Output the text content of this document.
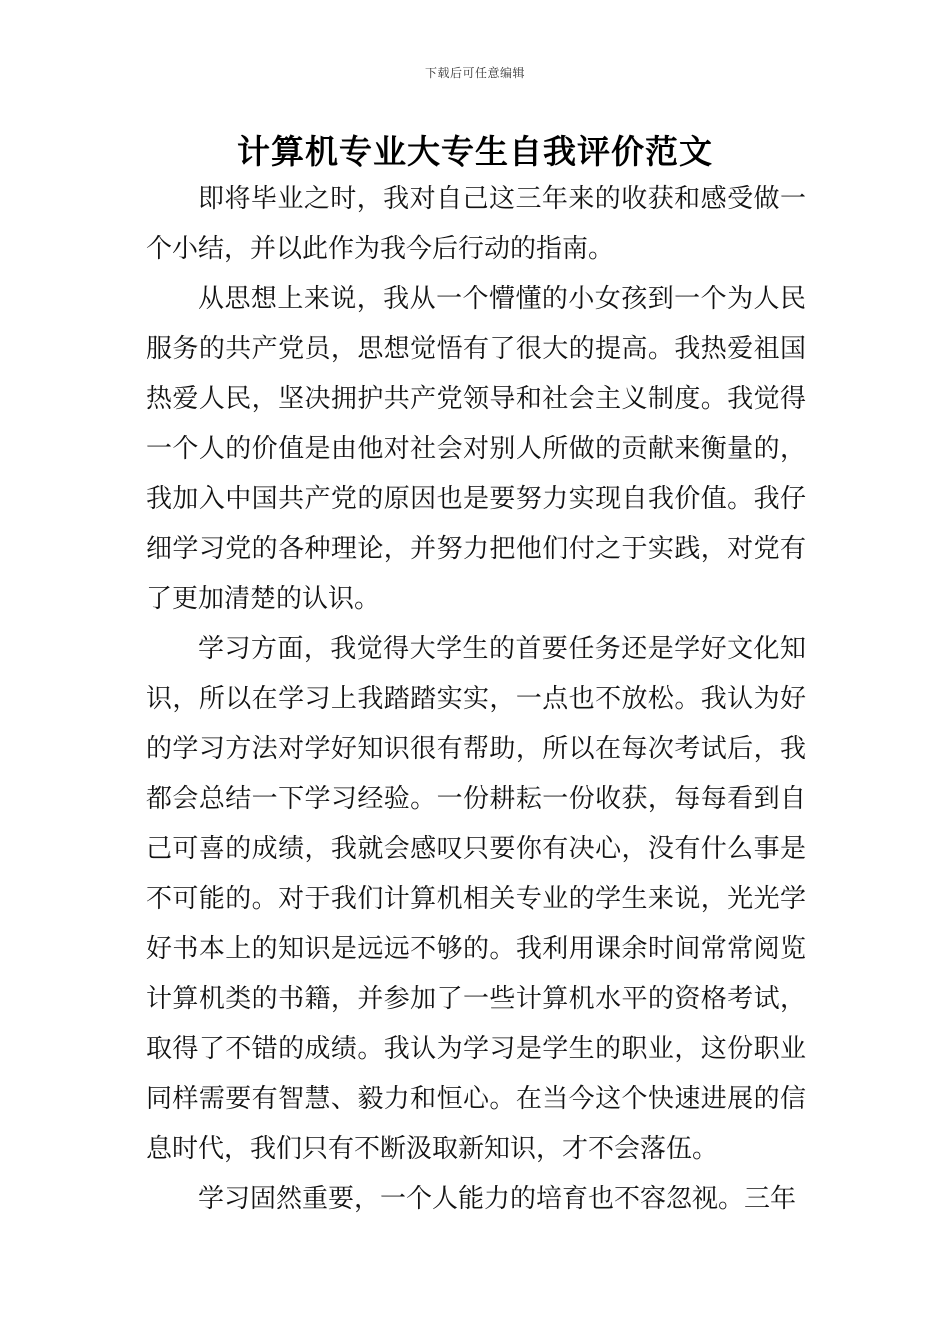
下载后可任意编辑
计算机专业大专生自我评价范文

即将毕业之时，我对自己这三年来的收获和感受做一个小结，并以此作为我今后行动的指南。

从思想上来说，我从一个懵懂的小女孩到一个为人民服务的共产党员，思想觉悟有了很大的提高。我热爱祖国热爱人民，坚决拥护共产党领导和社会主义制度。我觉得一个人的价值是由他对社会对别人所做的贡献来衡量的，我加入中国共产党的原因也是要努力实现自我价值。我仔细学习党的各种理论，并努力把他们付之于实践，对党有了更加清楚的认识。

学习方面，我觉得大学生的首要任务还是学好文化知识，所以在学习上我踏踏实实，一点也不放松。我认为好的学习方法对学好知识很有帮助，所以在每次考试后，我都会总结一下学习经验。一份耕耘一份收获，每每看到自己可喜的成绩，我就会感叹只要你有决心，没有什么事是不可能的。对于我们计算机相关专业的学生来说，光光学好书本上的知识是远远不够的。我利用课余时间常常阅览计算机类的书籍，并参加了一些计算机水平的资格考试，取得了不错的成绩。我认为学习是学生的职业，这份职业同样需要有智慧、毅力和恒心。在当今这个快速进展的信息时代，我们只有不断汲取新知识，才不会落伍。

学习固然重要，一个人能力的培育也不容忽视。三年
